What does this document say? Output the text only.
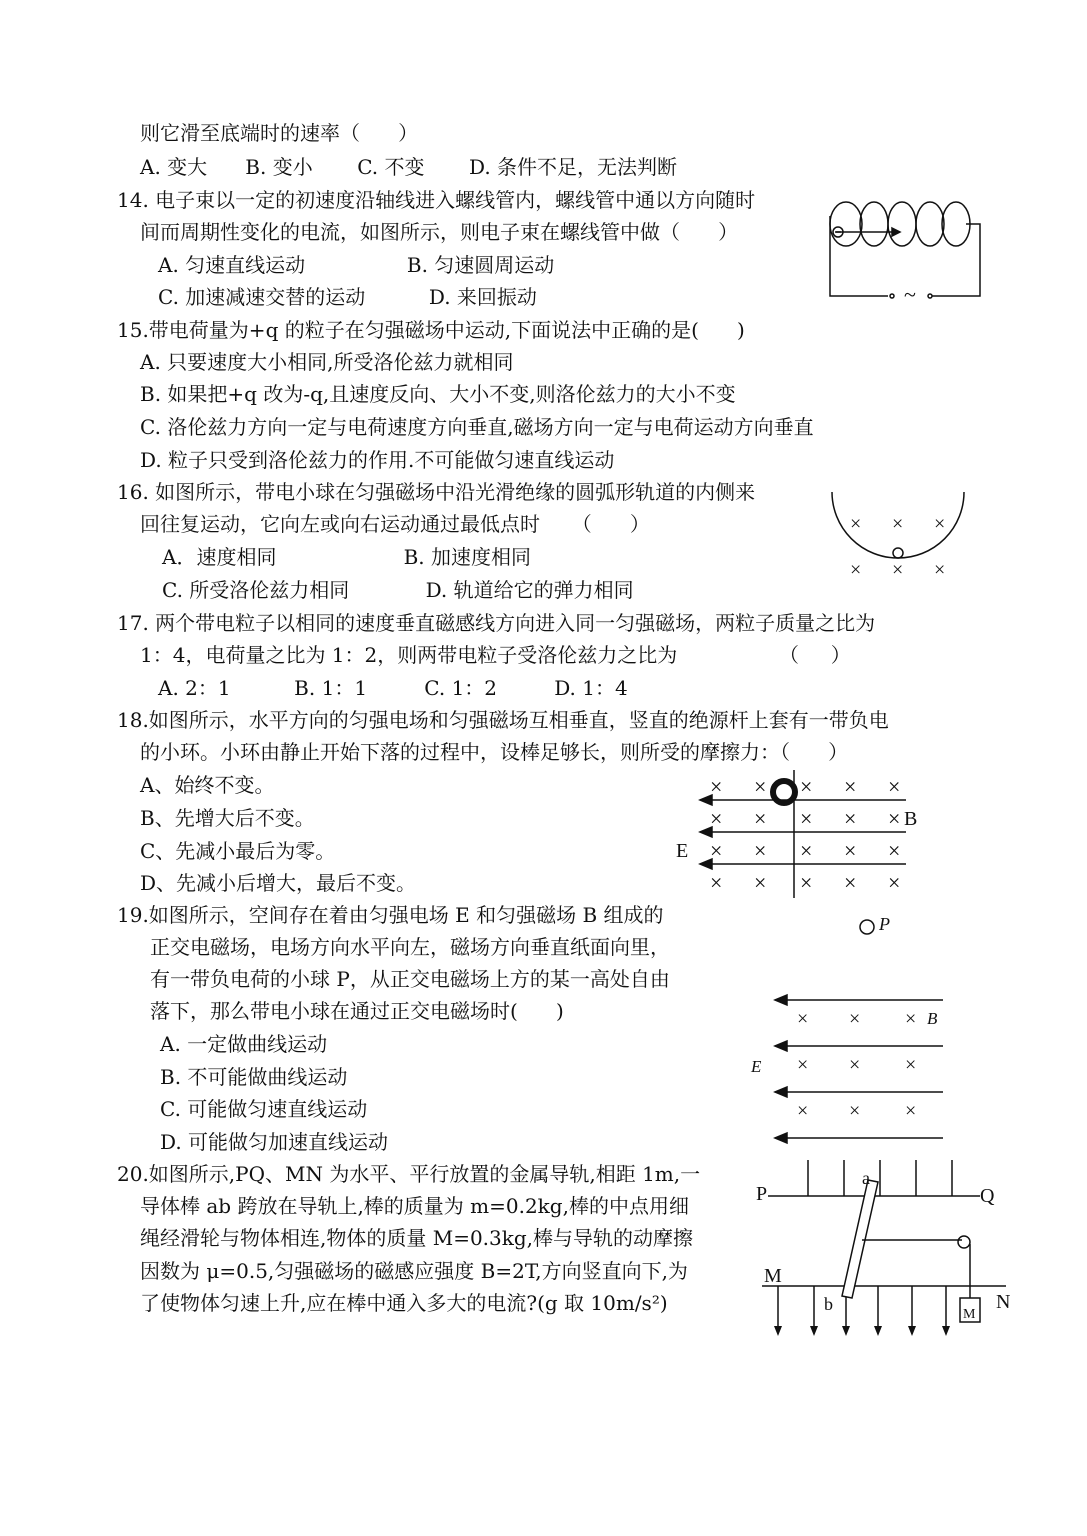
则它滑至底端时的速率（      ）
A. 变大      B. 变小       C. 不变       D. 条件不足，无法判断
14. 电子束以一定的初速度沿轴线进入螺线管内，螺线管中通以方向随时
间而周期性变化的电流，如图所示，则电子束在螺线管中做（      ）
A. 匀速直线运动                B. 匀速圆周运动
C. 加速减速交替的运动          D. 来回振动
15.带电荷量为+q 的粒子在匀强磁场中运动,下面说法中正确的是(      )
A. 只要速度大小相同,所受洛伦兹力就相同
B. 如果把+q 改为-q,且速度反向、大小不变,则洛伦兹力的大小不变
C. 洛伦兹力方向一定与电荷速度方向垂直,磁场方向一定与电荷运动方向垂直
D. 粒子只受到洛伦兹力的作用.不可能做匀速直线运动
16. 如图所示，带电小球在匀强磁场中沿光滑绝缘的圆弧形轨道的内侧来
回往复运动，它向左或向右运动通过最低点时     （      ）
A．速度相同                    B. 加速度相同
C. 所受洛伦兹力相同            D. 轨道给它的弹力相同
17. 两个带电粒子以相同的速度垂直磁感线方向进入同一匀强磁场，两粒子质量之比为
1：4，电荷量之比为 1：2，则两带电粒子受洛伦兹力之比为                （     ）
A. 2：1          B. 1：1         C. 1：2         D. 1：4
18.如图所示，水平方向的匀强电场和匀强磁场互相垂直，竖直的绝源杆上套有一带负电
的小环。小环由静止开始下落的过程中，设棒足够长，则所受的摩擦力：（      ）
A、始终不变。
B、先增大后不变。
C、先减小最后为零。
D、先减小后增大，最后不变。
19.如图所示，空间存在着由匀强电场 E 和匀强磁场 B 组成的
正交电磁场，电场方向水平向左，磁场方向垂直纸面向里，
有一带负电荷的小球 P，从正交电磁场上方的某一高处自由
落下，那么带电小球在通过正交电磁场时(      )
A. 一定做曲线运动
B. 不可能做曲线运动
C. 可能做匀速直线运动
D. 可能做匀加速直线运动
20.如图所示,PQ、MN 为水平、平行放置的金属导轨,相距 1m,一
导体棒 ab 跨放在导轨上,棒的质量为 m=0.2kg,棒的中点用细
绳经滑轮与物体相连,物体的质量 M=0.3kg,棒与导轨的动摩擦
因数为 μ=0.5,匀强磁场的磁感应强度 B=2T,方向竖直向下,为
了使物体匀速上升,应在棒中通入多大的电流?(g 取 10m/s²)
~
× × ×
× × ×
× × × × ×
× × × × ×
× × × × ×
× × × × ×
E
B
P
× × ×
× × ×
× × ×
B
E
P	Q
M
N
a
b
M
